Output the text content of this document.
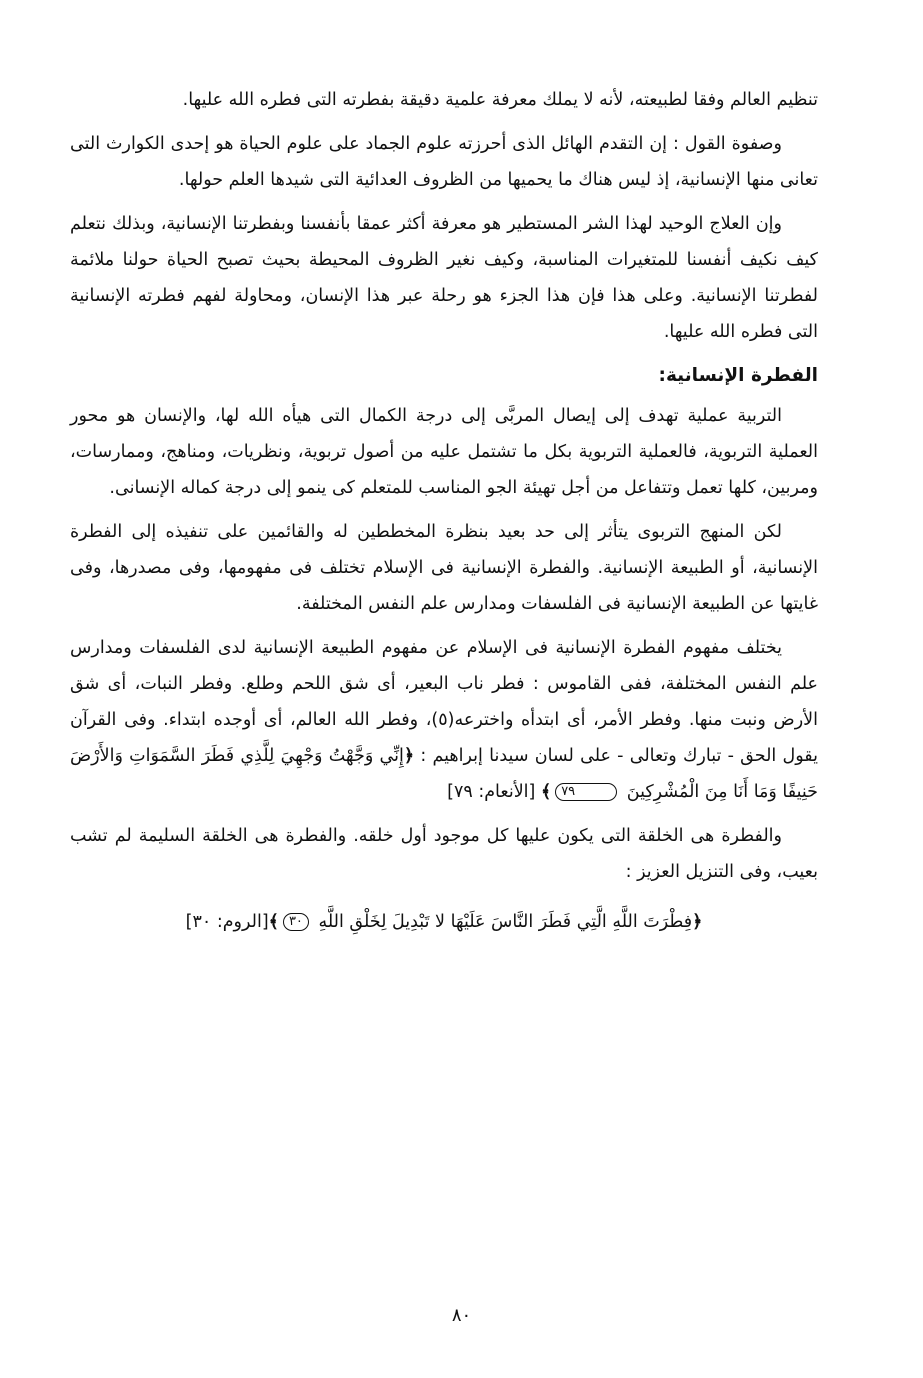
تنظيم العالم وفقا لطبيعته، لأنه لا يملك معرفة علمية دقيقة بفطرته التى فطره الله عليها.

وصفوة القول : إن التقدم الهائل الذى أحرزته علوم الجماد على علوم الحياة هو إحدى الكوارث التى تعانى منها الإنسانية، إذ ليس هناك ما يحميها من الظروف العدائية التى شيدها العلم حولها.

وإن العلاج الوحيد لهذا الشر المستطير هو معرفة أكثر عمقا بأنفسنا وبفطرتنا الإنسانية، وبذلك نتعلم كيف نكيف أنفسنا للمتغيرات المناسبة، وكيف نغير الظروف المحيطة بحيث تصبح الحياة حولنا ملائمة لفطرتنا الإنسانية. وعلى هذا فإن هذا الجزء هو رحلة عبر هذا الإنسان، ومحاولة لفهم فطرته الإنسانية التى فطره الله عليها.

الفطرة الإنسانية:

التربية عملية تهدف إلى إيصال المربَّى إلى درجة الكمال التى هيأه الله لها، والإنسان هو محور العملية التربوية، فالعملية التربوية بكل ما تشتمل عليه من أصول تربوية، ونظريات، ومناهج، وممارسات، ومربين، كلها تعمل وتتفاعل من أجل تهيئة الجو المناسب للمتعلم كى ينمو إلى درجة كماله الإنسانى.

لكن المنهج التربوى يتأثر إلى حد بعيد بنظرة المخططين له والقائمين على تنفيذه إلى الفطرة الإنسانية، أو الطبيعة الإنسانية. والفطرة الإنسانية فى الإسلام تختلف فى مفهومها، وفى مصدرها، وفى غايتها عن الطبيعة الإنسانية فى الفلسفات ومدارس علم النفس المختلفة.

يختلف مفهوم الفطرة الإنسانية فى الإسلام عن مفهوم الطبيعة الإنسانية لدى الفلسفات ومدارس علم النفس المختلفة، ففى القاموس : فطر ناب البعير، أى شق اللحم وطلع. وفطر النبات، أى شق الأرض ونبت منها. وفطر الأمر، أى ابتدأه واخترعه(٥)، وفطر الله العالم، أى أوجده ابتداء. وفى القرآن يقول الحق - تبارك وتعالى - على لسان سيدنا إبراهيم : ﴿إِنِّي وَجَّهْتُ وَجْهِيَ لِلَّذِي فَطَرَ السَّمَوَاتِ وَالأَرْضَ حَنِيفًا وَمَا أَنَا مِنَ الْمُشْرِكِينَ ٧٩﴾ [الأنعام: ٧٩]

والفطرة هى الخلقة التى يكون عليها كل موجود أول خلقه. والفطرة هى الخلقة السليمة لم تشب بعيب، وفى التنزيل العزيز :

﴿فِطْرَتَ اللَّهِ الَّتِي فَطَرَ النَّاسَ عَلَيْهَا لا تَبْدِيلَ لِخَلْقِ اللَّهِ ٣٠﴾[الروم: ٣٠]

٨٠
